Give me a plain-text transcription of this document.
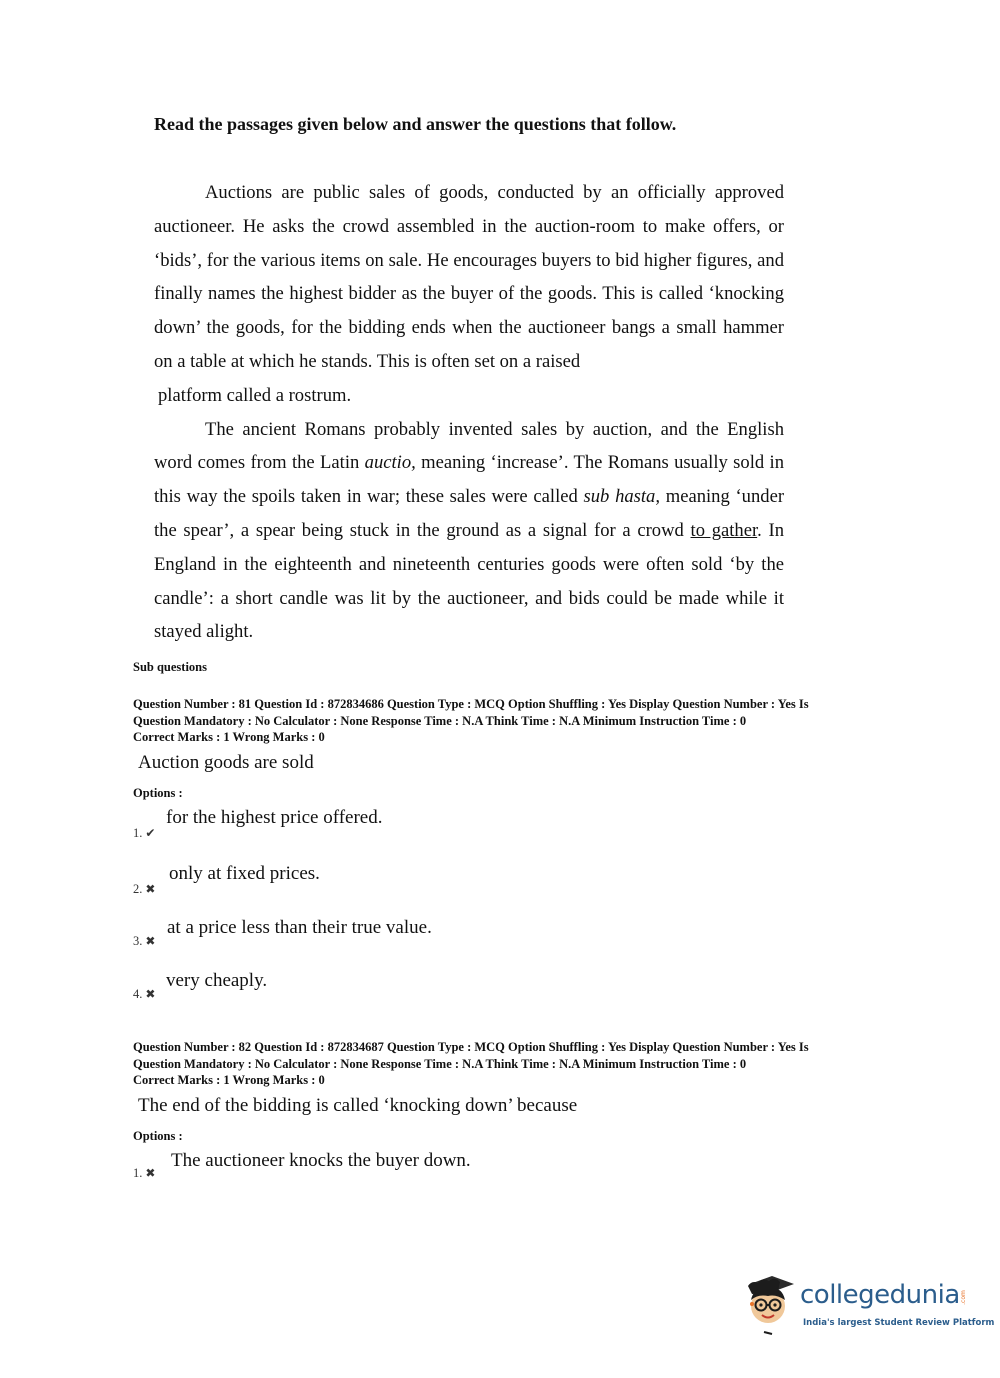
Read the passages given below and answer the questions that follow.

Auctions are public sales of goods, conducted by an officially approved auctioneer. He asks the crowd assembled in the auction-room to make offers, or ‘bids’, for the various items on sale. He encourages buyers to bid higher figures, and finally names the highest bidder as the buyer of the goods. This is called ‘knocking down’ the goods, for the bidding ends when the auctioneer bangs a small hammer on a table at which he stands. This is often set on a raised

platform called a rostrum.

The ancient Romans probably invented sales by auction, and the English word comes from the Latin auctio, meaning ‘increase’. The Romans usually sold in this way the spoils taken in war; these sales were called sub hasta, meaning ‘under the spear’, a spear being stuck in the ground as a signal for a crowd to gather. In England in the eighteenth and nineteenth centuries goods were often sold ‘by the candle’: a short candle was lit by the auctioneer, and bids could be made while it stayed alight.

Sub questions
Question Number : 81 Question Id : 872834686 Question Type : MCQ Option Shuffling : Yes Display Question Number : Yes Is
Question Mandatory : No Calculator : None Response Time : N.A Think Time : N.A Minimum Instruction Time : 0
Correct Marks : 1 Wrong Marks : 0
Auction goods are sold
Options :
1. ✔
for the highest price offered.
2. ✖
only at fixed prices.
3. ✖
at a price less than their true value.
4. ✖
very cheaply.
Question Number : 82 Question Id : 872834687 Question Type : MCQ Option Shuffling : Yes Display Question Number : Yes Is
Question Mandatory : No Calculator : None Response Time : N.A Think Time : N.A Minimum Instruction Time : 0
Correct Marks : 1 Wrong Marks : 0
The end of the bidding is called ‘knocking down’ because
Options :
1. ✖
The auctioneer knocks the buyer down.
collegedunia .com
India's largest Student Review Platform
